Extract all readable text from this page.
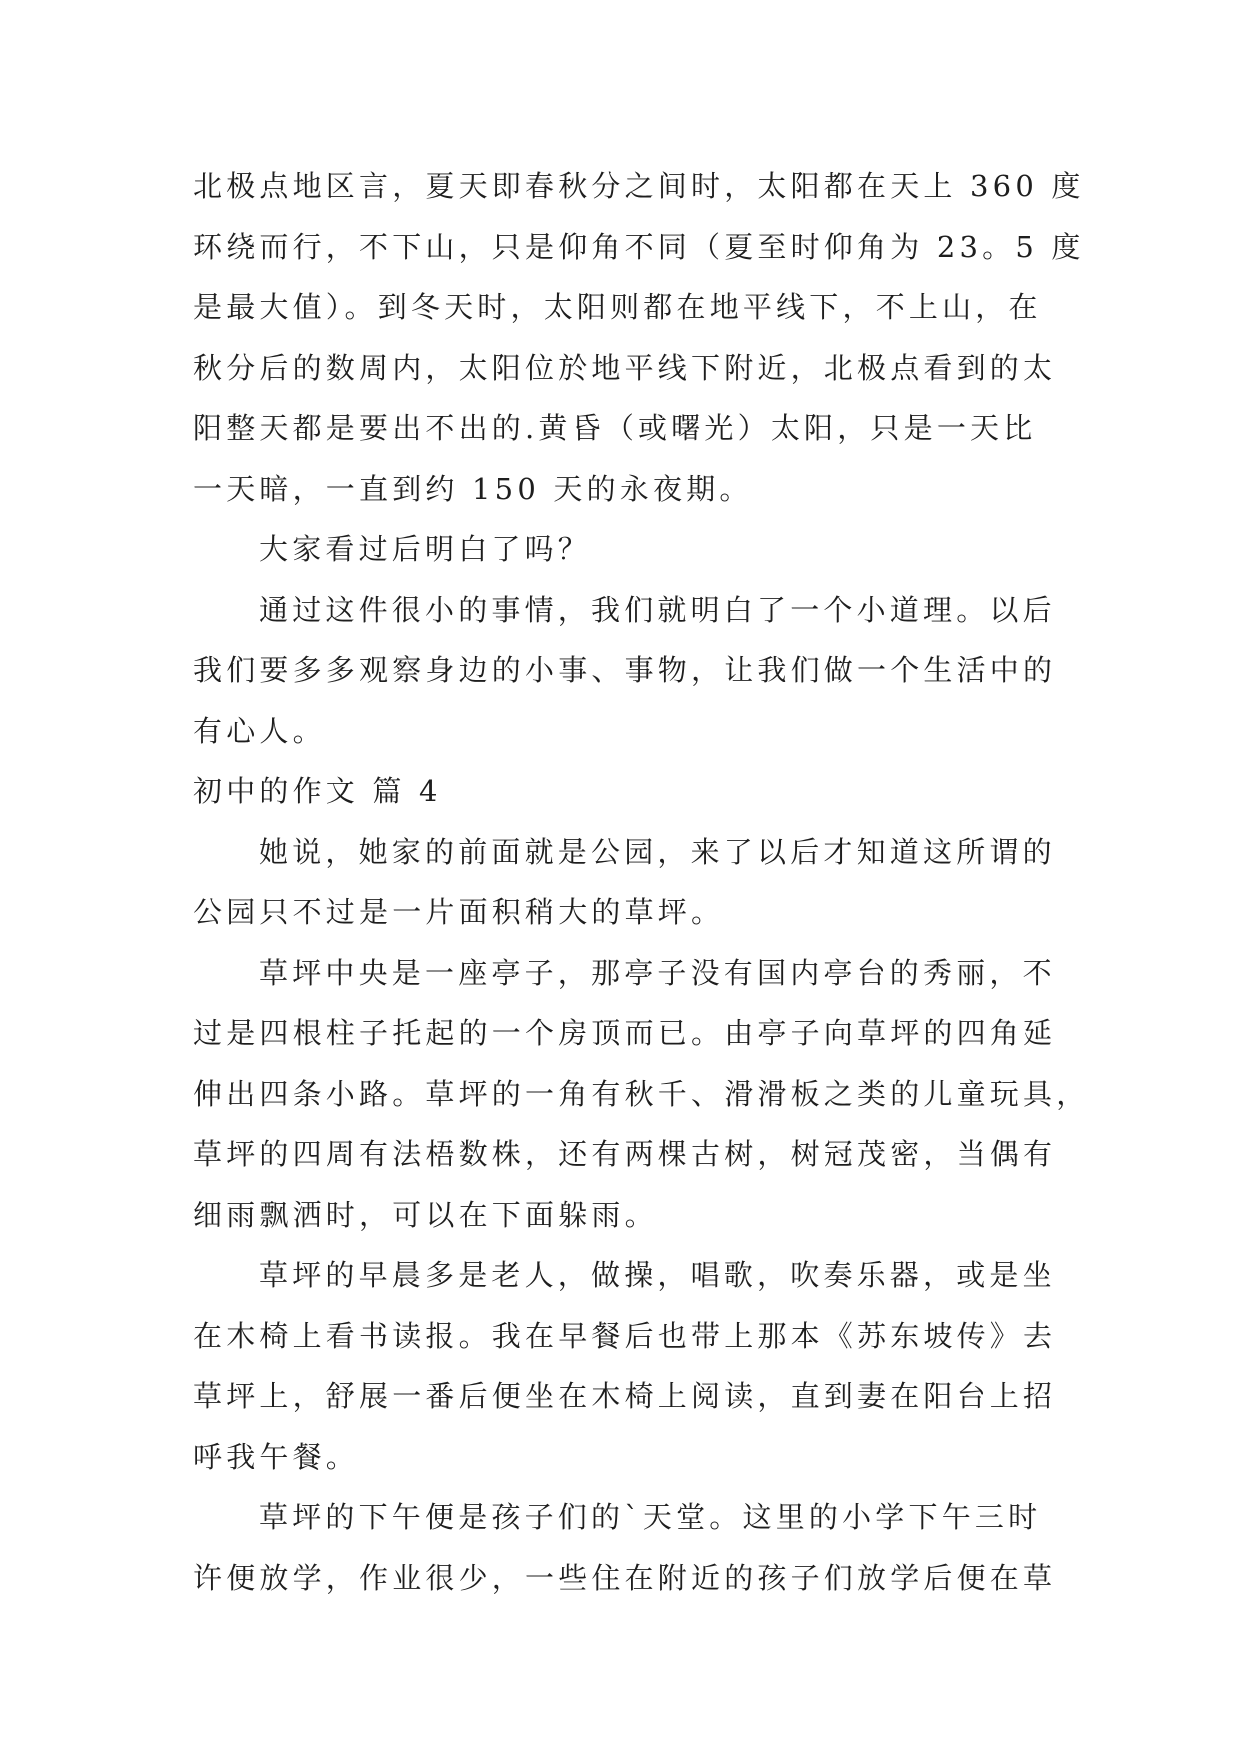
北极点地区言，夏天即春秋分之间时，太阳都在天上 360 度
环绕而行，不下山，只是仰角不同（夏至时仰角为 23。5 度
是最大值）。到冬天时，太阳则都在地平线下，不上山，在
秋分后的数周内，太阳位於地平线下附近，北极点看到的太
阳整天都是要出不出的.黄昏（或曙光）太阳，只是一天比
一天暗，一直到约 150 天的永夜期。
大家看过后明白了吗？
通过这件很小的事情，我们就明白了一个小道理。以后
我们要多多观察身边的小事、事物，让我们做一个生活中的
有心人。
初中的作文 篇 4
她说，她家的前面就是公园，来了以后才知道这所谓的
公园只不过是一片面积稍大的草坪。
草坪中央是一座亭子，那亭子没有国内亭台的秀丽，不
过是四根柱子托起的一个房顶而已。由亭子向草坪的四角延
伸出四条小路。草坪的一角有秋千、滑滑板之类的儿童玩具，
草坪的四周有法梧数株，还有两棵古树，树冠茂密，当偶有
细雨飘洒时，可以在下面躲雨。
草坪的早晨多是老人，做操，唱歌，吹奏乐器，或是坐
在木椅上看书读报。我在早餐后也带上那本《苏东坡传》去
草坪上，舒展一番后便坐在木椅上阅读，直到妻在阳台上招
呼我午餐。
草坪的下午便是孩子们的`天堂。这里的小学下午三时
许便放学，作业很少，一些住在附近的孩子们放学后便在草
